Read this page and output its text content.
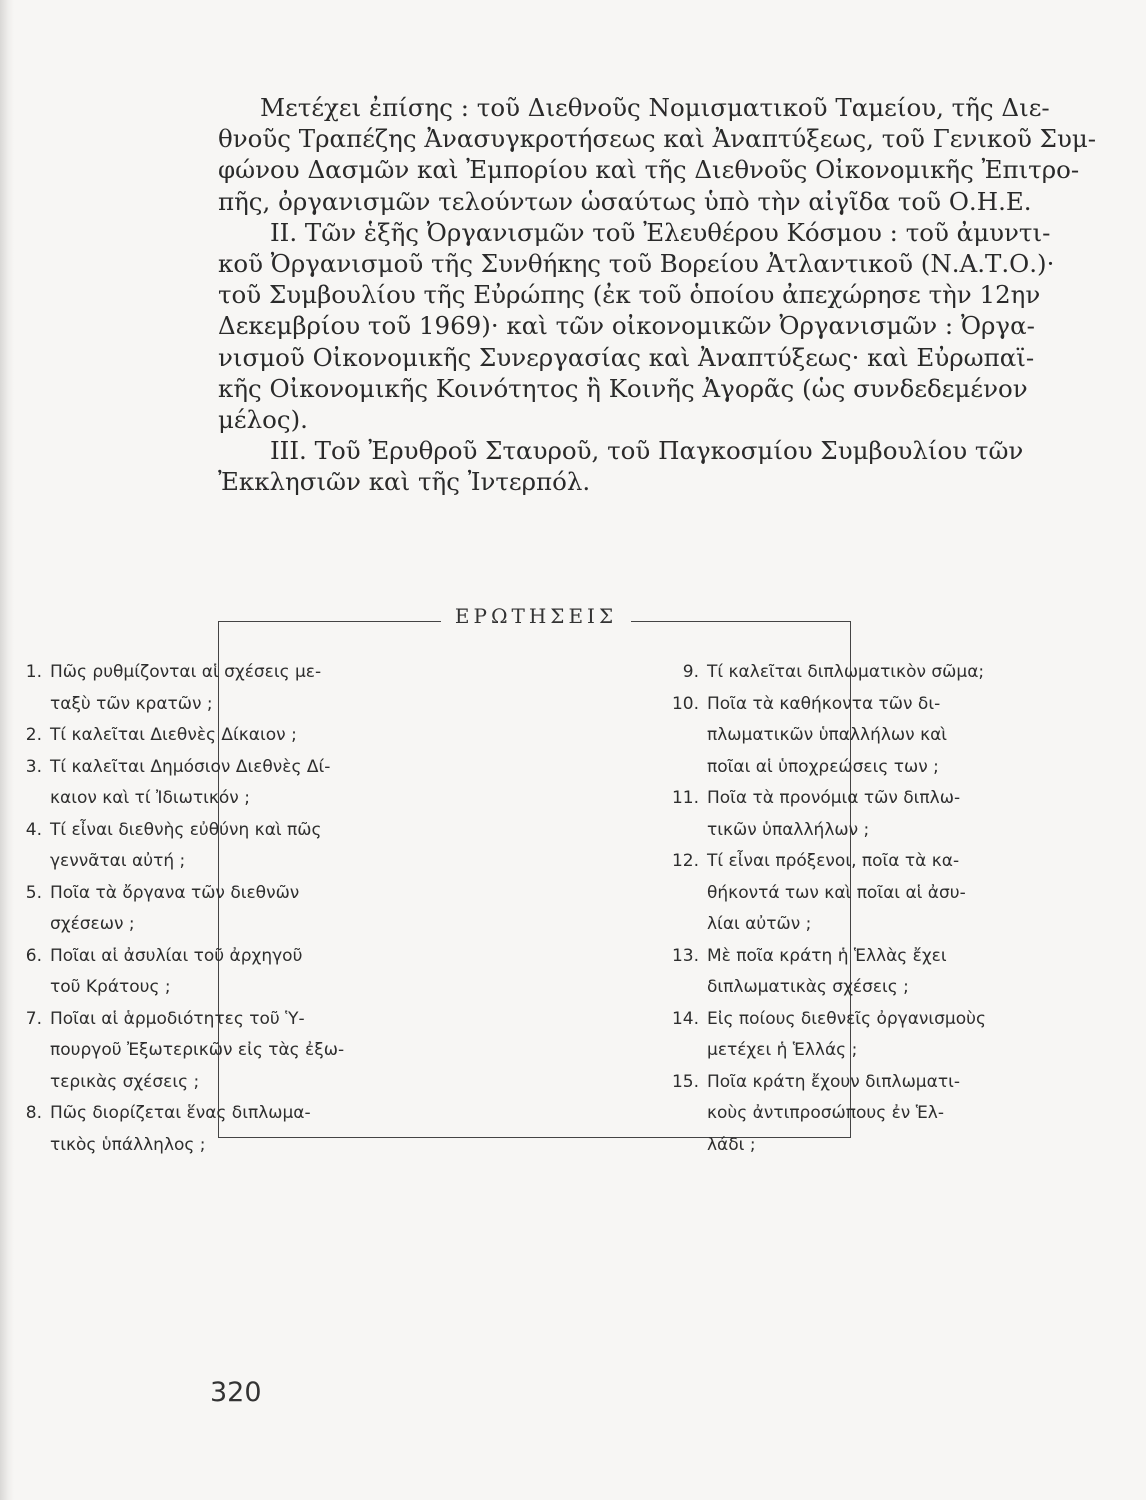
Μετέχει ἐπίσης : τοῦ Διεθνοῦς Νομισματικοῦ Ταμείου, τῆς Διε-
θνοῦς Τραπέζης Ἀνασυγκροτήσεως καὶ Ἀναπτύξεως, τοῦ Γενικοῦ Συμ-
φώνου Δασμῶν καὶ Ἐμπορίου καὶ τῆς Διεθνοῦς Οἰκονομικῆς Ἐπιτρο-
πῆς, ὀργανισμῶν τελούντων ὡσαύτως ὑπὸ τὴν αἰγῖδα τοῦ Ο.Η.Ε.
ΙΙ. Τῶν ἑξῆς Ὀργανισμῶν τοῦ Ἐλευθέρου Κόσμου : τοῦ ἀμυντι-
κοῦ Ὀργανισμοῦ τῆς Συνθήκης τοῦ Βορείου Ἀτλαντικοῦ (Ν.Α.Τ.Ο.)·
τοῦ Συμβουλίου τῆς Εὐρώπης (ἐκ τοῦ ὁποίου ἀπεχώρησε τὴν 12ην
Δεκεμβρίου τοῦ 1969)· καὶ τῶν οἰκονομικῶν Ὀργανισμῶν : Ὀργα-
νισμοῦ Οἰκονομικῆς Συνεργασίας καὶ Ἀναπτύξεως· καὶ Εὐρωπαϊ-
κῆς Οἰκονομικῆς Κοινότητος ἢ Κοινῆς Ἀγορᾶς (ὡς συνδεδεμένον
μέλος).
ΙΙΙ. Τοῦ Ἐρυθροῦ Σταυροῦ, τοῦ Παγκοσμίου Συμβουλίου τῶν
Ἐκκλησιῶν καὶ τῆς Ἰντερπόλ.
ΕΡΩΤΗΣΕΙΣ
1. Πῶς ρυθμίζονται αἱ σχέσεις με-
ταξὺ τῶν κρατῶν ;
2. Τί καλεῖται Διεθνὲς Δίκαιον ;
3. Τί καλεῖται Δημόσιον Διεθνὲς Δί-
καιον καὶ τί Ἰδιωτικόν ;
4. Τί εἶναι διεθνὴς εὐθύνη καὶ πῶς
γεννᾶται αὐτή ;
5. Ποῖα τὰ ὄργανα τῶν διεθνῶν
σχέσεων ;
6. Ποῖαι αἱ ἀσυλίαι τοῦ ἀρχηγοῦ
τοῦ Κράτους ;
7. Ποῖαι αἱ ἁρμοδιότητες τοῦ Ὑ-
πουργοῦ Ἐξωτερικῶν εἰς τὰς ἐξω-
τερικὰς σχέσεις ;
8. Πῶς διορίζεται ἕνας διπλωμα-
τικὸς ὑπάλληλος ;
9. Τί καλεῖται διπλωματικὸν σῶμα;
10. Ποῖα τὰ καθήκοντα τῶν δι-
πλωματικῶν ὑπαλλήλων καὶ
ποῖαι αἱ ὑποχρεώσεις των ;
11. Ποῖα τὰ προνόμια τῶν διπλω-
τικῶν ὑπαλλήλων ;
12. Τί εἶναι πρόξενοι, ποῖα τὰ κα-
θήκοντά των καὶ ποῖαι αἱ ἀσυ-
λίαι αὐτῶν ;
13. Μὲ ποῖα κράτη ἡ Ἑλλὰς ἔχει
διπλωματικὰς σχέσεις ;
14. Εἰς ποίους διεθνεῖς ὀργανισμοὺς
μετέχει ἡ Ἑλλάς ;
15. Ποῖα κράτη ἔχουν διπλωματι-
κοὺς ἀντιπροσώπους ἐν Ἑλ-
λάδι ;
320
